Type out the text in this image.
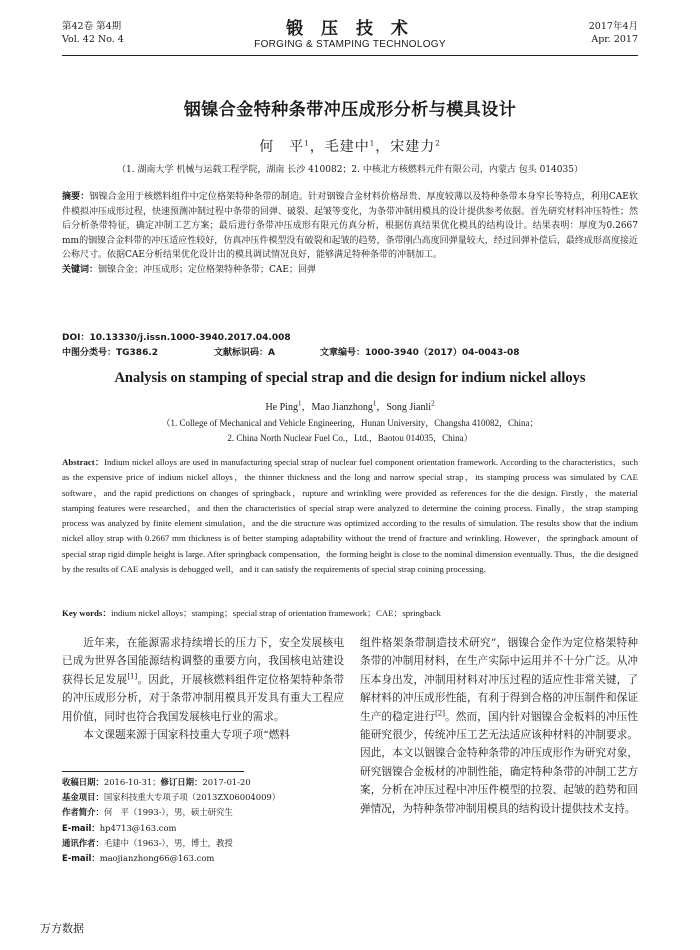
第42卷 第4期
Vol. 42 No. 4
锻 压 技 术
FORGING & STAMPING TECHNOLOGY
2017年4月
Apr. 2017
铟镍合金特种条带冲压成形分析与模具设计
何　平$^1$，毛建中$^1$，宋建力$^2$
（1. 湖南大学 机械与运载工程学院，湖南 长沙 410082；2. 中核北方核燃料元件有限公司，内蒙古 包头 014035）
摘要：铟镍合金用于核燃料组件中定位格架特种条带的制造。针对铟镍合金材料价格昂贵、厚度较薄以及特种条带本身窄长等特点，利用CAE软件模拟冲压成形过程，快速预测冲制过程中条带的回弹、破裂、起皱等变化，为条带冲制用模具的设计提供参考依据。首先研究材料冲压特性；然后分析条带特征，确定冲制工艺方案；最后进行条带冲压成形有限元仿真分析，根据仿真结果优化模具的结构设计。结果表明：厚度为0.2667 mm的铟镍合金料带的冲压适应性较好，仿真冲压件模型没有破裂和起皱的趋势，条带刚凸高度回弹量较大，经过回弹补偿后，最终成形高度接近公称尺寸。依据CAE分析结果优化设计出的模具调试情况良好，能够满足特种条带的冲制加工。
关键词：铟镍合金；冲压成形；定位格架特种条带；CAE；回弹
DOI：10.13330/j.issn.1000-3940.2017.04.008
中图分类号：TG386.2	文献标识码：A	文章编号：1000-3940（2017）04-0043-08
Analysis on stamping of special strap and die design for indium nickel alloys
He Ping$^1$，Mao Jianzhong$^1$，Song Jianli$^2$
（1. College of Mechanical and Vehicle Engineering，Hunan University，Changsha 410082，China；
2. China North Nuclear Fuel Co.，Ltd.，Baotou 014035，China）
Abstract：Indium nickel alloys are used in manufacturing special strap of nuclear fuel component orientation framework. According to the characteristics，such as the expensive price of indium nickel alloys，the thinner thickness and the long and narrow special strap，its stamping process was simulated by CAE software，and the rapid predictions on changes of springback，rupture and wrinkling were provided as references for the die design. Firstly，the material stamping features were researched，and then the characteristics of special strap were analyzed to determine the coining process. Finally，the strap stamping process was analyzed by finite element simulation，and the die structure was optimized according to the results of simulation. The results show that the indium nickel alloy strap with 0.2667 mm thickness is of better stamping adaptability without the trend of fracture and wrinkling. However，the springback amount of special strap rigid dimple height is large. After springback compensation，the forming height is close to the nominal dimension eventually. Thus，the die designed by the results of CAE analysis is debugged well，and it can satisfy the requirements of special strap coining processing.
Key words：indium nickel alloys；stamping；special strap of orientation framework；CAE；springback

近年来，在能源需求持续增长的压力下，安全发展核电已成为世界各国能源结构调整的重要方向，我国核电站建设获得长足发展[1]。因此，开展核燃料组件定位格架特种条带的冲压成形分析，对于条带冲制用模具开发具有重大工程应用价值，同时也符合我国发展核电行业的需求。

本文课题来源于国家科技重大专项子项“燃料

收稿日期：2016-10-31；修订日期：2017-01-20
基金项目：国家科技重大专项子项（2013ZX06004009）
作者简介：何　平（1993-），男，硕士研究生
E-mail：hp4713@163.com
通讯作者：毛建中（1963-），男，博士，教授
E-mail：maojianzhong66@163.com

组件格架条带制造技术研究”，铟镍合金作为定位格架特种条带的冲制用材料，在生产实际中运用并不十分广泛。从冲压本身出发，冲制用材料对冲压过程的适应性非常关键，了解材料的冲压成形性能，有利于得到合格的冲压制件和保证生产的稳定进行[2]。然而，国内针对铟镍合金板料的冲压性能研究很少，传统冲压工艺无法适应该种材料的冲制要求。因此，本文以铟镍合金特种条带的冲压成形作为研究对象，研究铟镍合金板材的冲制性能，确定特种条带的冲制工艺方案，分析在冲压过程中冲压件模型的拉裂、起皱的趋势和回弹情况，为特种条带冲制用模具的结构设计提供技术支持。

万方数据
